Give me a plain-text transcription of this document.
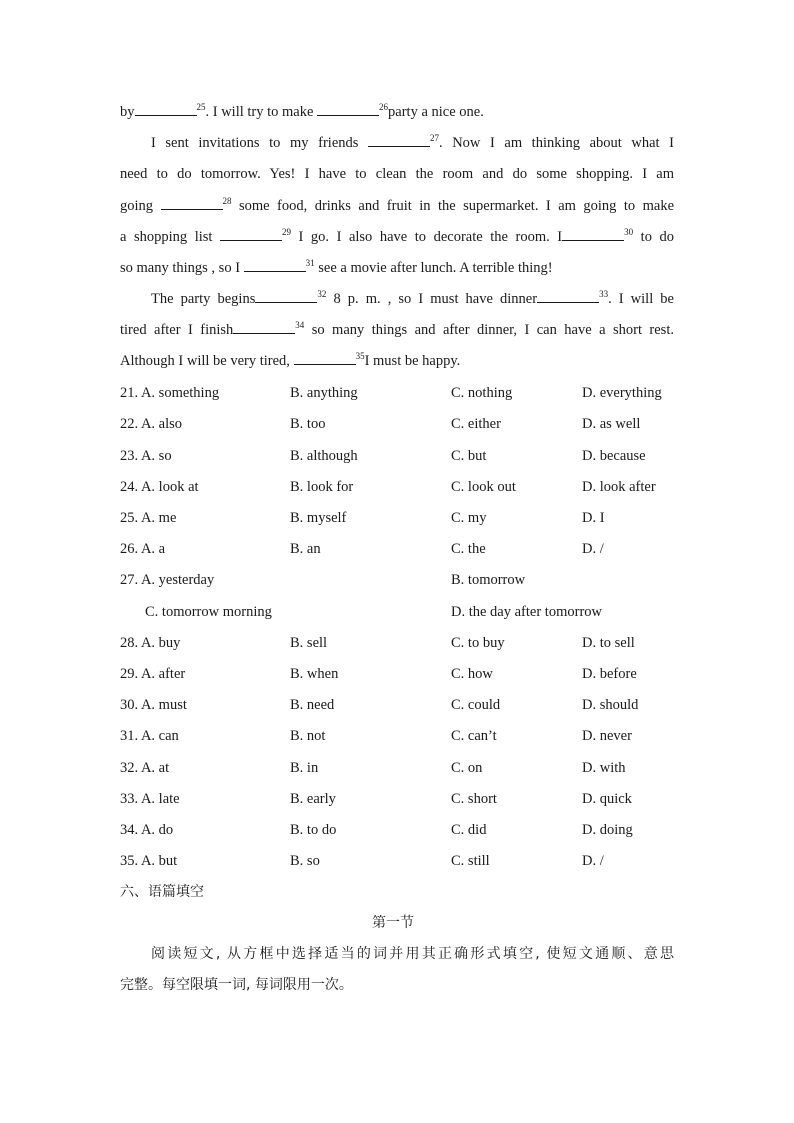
by	$^{25}$. I will try to make	$^{26}$party a nice one.
I sent invitations to my friends	$^{27}$. Now I am thinking about what I
need to do tomorrow. Yes! I have to clean the room and do some shopping. I am
going	$^{28}$ some food, drinks and fruit in the supermarket. I am going to make
a shopping list	$^{29}$ I go. I also have to decorate the room. I	$^{30}$ to do
so many things , so I	$^{31}$ see a movie after lunch. A terrible thing!
The party begins	$^{32}$ 8 p. m. , so I must have dinner	$^{33}$. I will be
tired after I finish	$^{34}$ so many things and after dinner, I can have a short rest.
Although I will be very tired,	$^{35}$I must be happy.
21. A. something	B. anything	C. nothing	D. everything
22. A. also	B. too	C. either	D. as well
23. A. so	B. although	C. but	D. because
24. A. look at	B. look for	C. look out	D. look after
25. A. me	B. myself	C. my	D. I
26. A. a	B. an	C. the	D. /
27. A. yesterday	B. tomorrow
C. tomorrow morning	D. the day after tomorrow
28. A. buy	B. sell	C. to buy	D. to sell
29. A. after	B. when	C. how	D. before
30. A. must	B. need	C. could	D. should
31. A. can	B. not	C. can’t	D. never
32. A. at	B. in	C. on	D. with
33. A. late	B. early	C. short	D. quick
34. A. do	B. to do	C. did	D. doing
35. A. but	B. so	C. still	D. /
六、语篇填空
第一节
阅读短文, 从方框中选择适当的词并用其正确形式填空, 使短文通顺、意思
完整。每空限填一词, 每词限用一次。
